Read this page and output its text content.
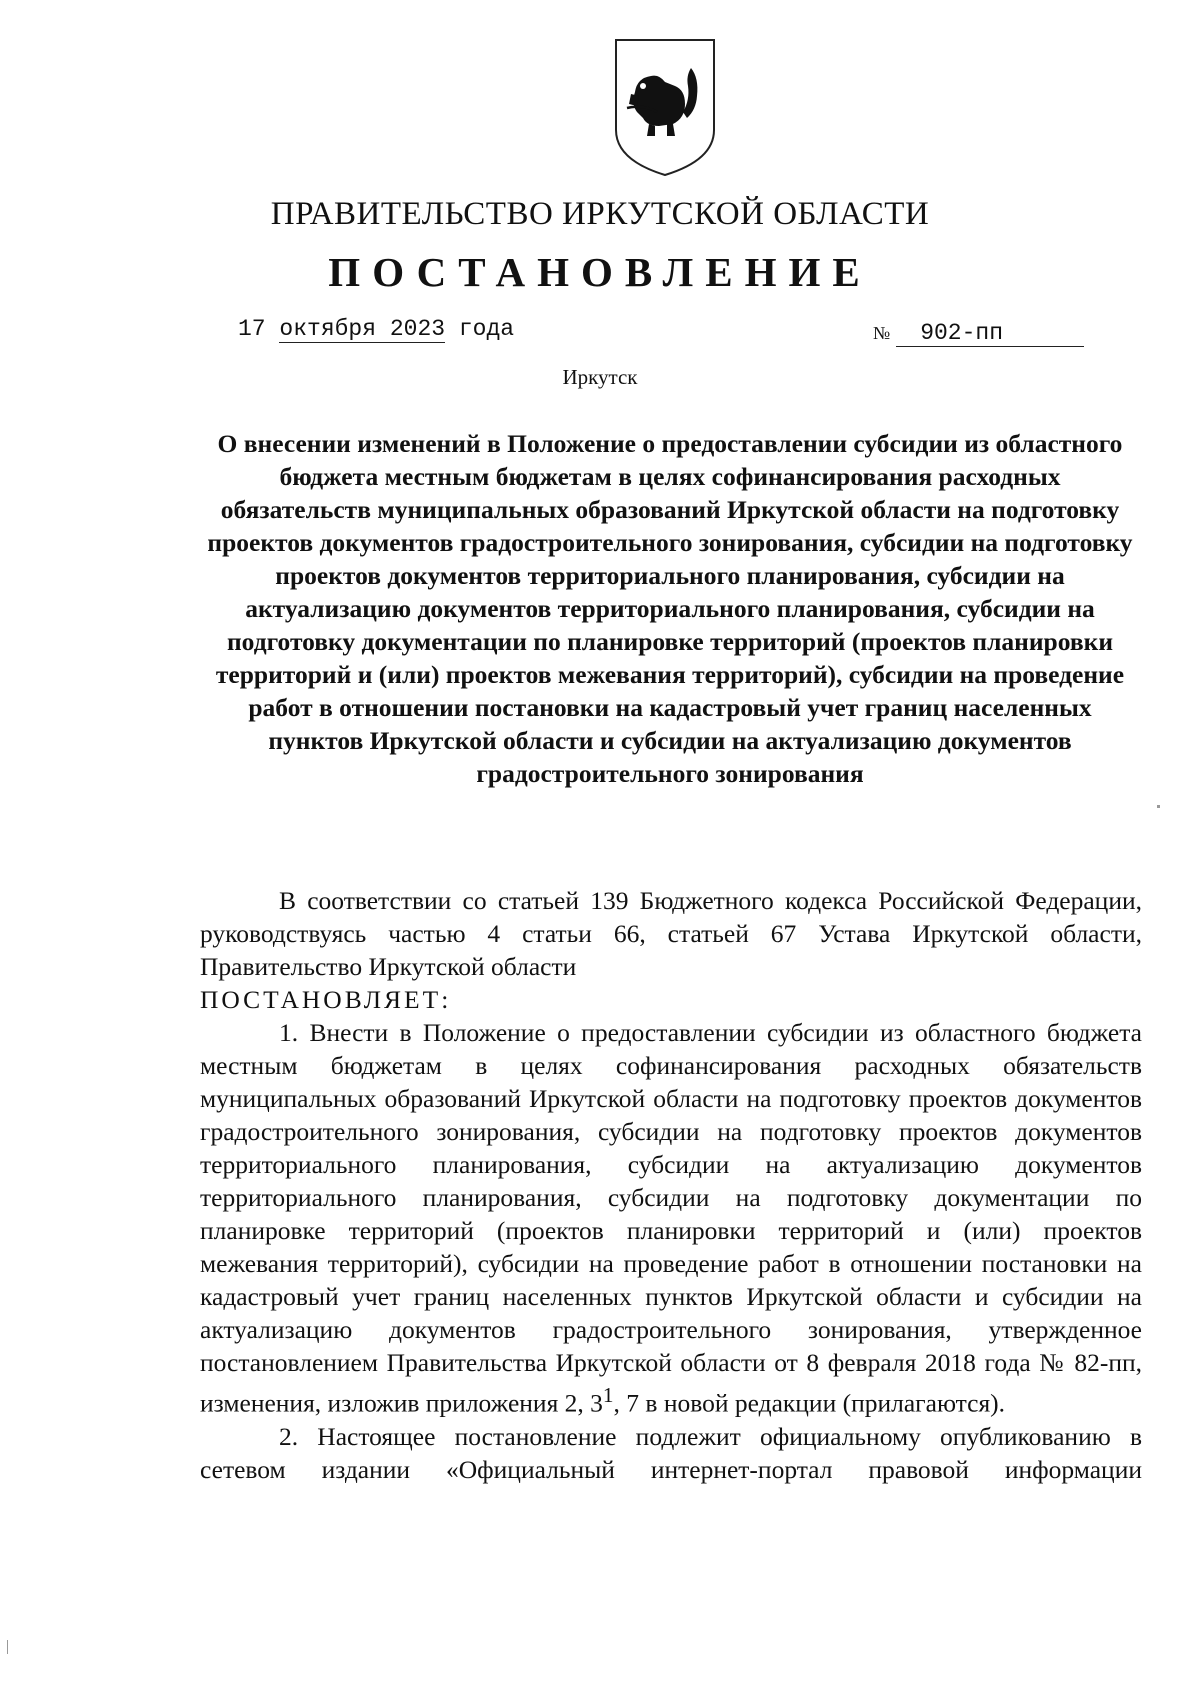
ПРАВИТЕЛЬСТВО ИРКУТСКОЙ ОБЛАСТИ
ПОСТАНОВЛЕНИЕ
17 октября 2023 года	№ 902-пп
Иркутск
О внесении изменений в Положение о предоставлении субсидии из областного бюджета местным бюджетам в целях софинансирования расходных обязательств муниципальных образований Иркутской области на подготовку проектов документов градостроительного зонирования, субсидии на подготовку проектов документов территориального планирования, субсидии на актуализацию документов территориального планирования, субсидии на подготовку документации по планировке территорий (проектов планировки территорий и (или) проектов межевания территорий), субсидии на проведение работ в отношении постановки на кадастровый учет границ населенных пунктов Иркутской области и субсидии на актуализацию документов градостроительного зонирования

В соответствии со статьей 139 Бюджетного кодекса Российской Федерации, руководствуясь частью 4 статьи 66, статьей 67 Устава Иркутской области, Правительство Иркутской области

ПОСТАНОВЛЯЕТ:

1. Внести в Положение о предоставлении субсидии из областного бюджета местным бюджетам в целях софинансирования расходных обязательств муниципальных образований Иркутской области на подготовку проектов документов градостроительного зонирования, субсидии на подготовку проектов документов территориального планирования, субсидии на актуализацию документов территориального планирования, субсидии на подготовку документации по планировке территорий (проектов планировки территорий и (или) проектов межевания территорий), субсидии на проведение работ в отношении постановки на кадастровый учет границ населенных пунктов Иркутской области и субсидии на актуализацию документов градостроительного зонирования, утвержденное постановлением Правительства Иркутской области от 8 февраля 2018 года № 82-пп, изменения, изложив приложения 2, $3^1$, 7 в новой редакции (прилагаются).

2. Настоящее постановление подлежит официальному опубликованию в сетевом издании «Официальный интернет-портал правовой информации
